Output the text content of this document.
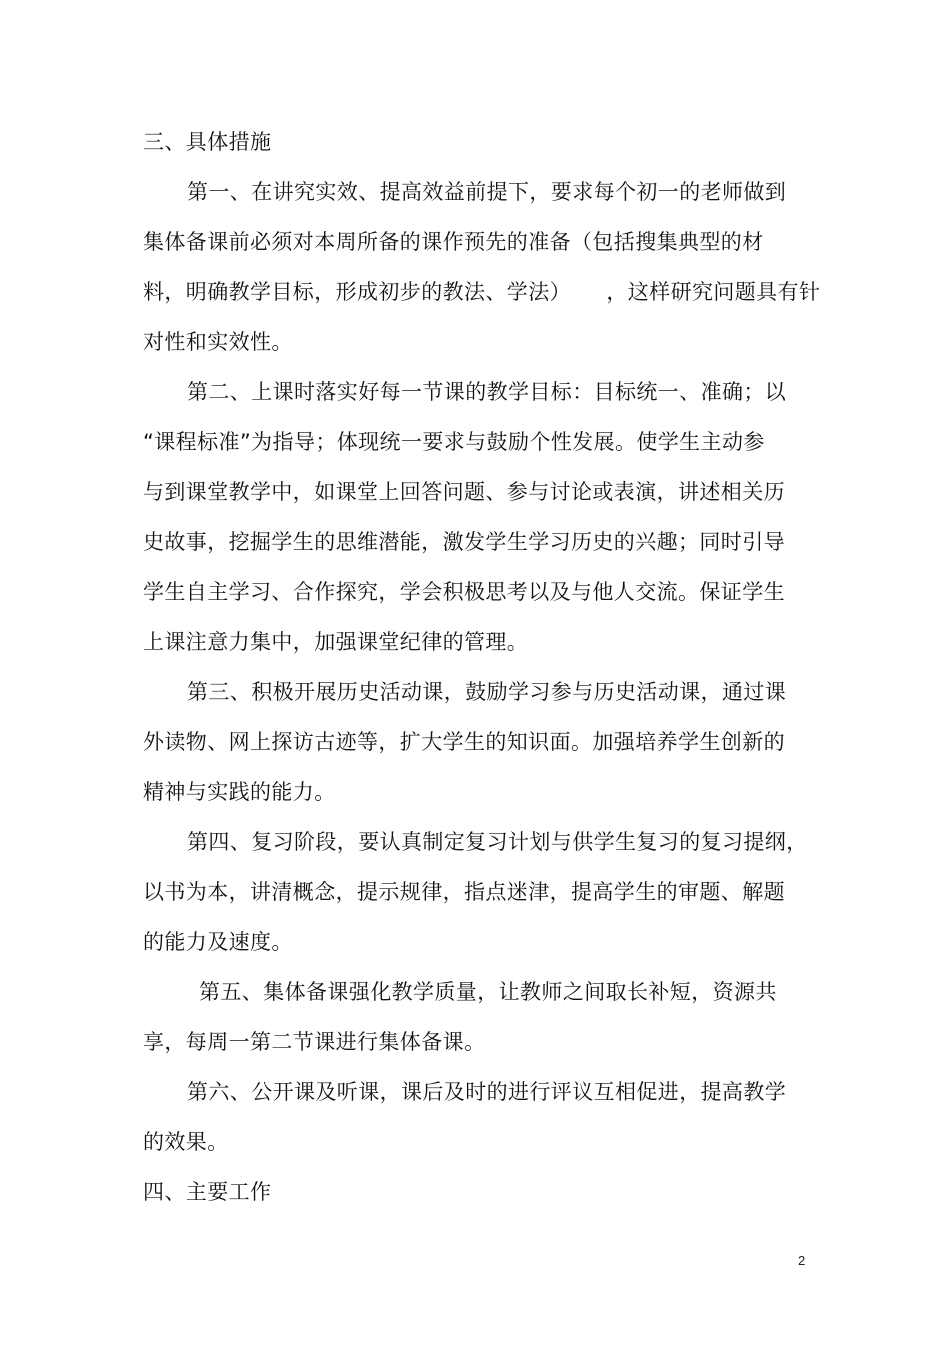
三、具体措施
第一、在讲究实效、提高效益前提下，要求每个初一的老师做到
集体备课前必须对本周所备的课作预先的准备（包括搜集典型的材
料，明确教学目标，形成初步的教法、学法）     ，这样研究问题具有针
对性和实效性。
第二、上课时落实好每一节课的教学目标：目标统一、准确；以
“课程标准”为指导；体现统一要求与鼓励个性发展。使学生主动参
与到课堂教学中，如课堂上回答问题、参与讨论或表演，讲述相关历
史故事，挖掘学生的思维潜能，激发学生学习历史的兴趣；同时引导
学生自主学习、合作探究，学会积极思考以及与他人交流。保证学生
上课注意力集中，加强课堂纪律的管理。
第三、积极开展历史活动课，鼓励学习参与历史活动课，通过课
外读物、网上探访古迹等，扩大学生的知识面。加强培养学生创新的
精神与实践的能力。
第四、复习阶段，要认真制定复习计划与供学生复习的复习提纲，
以书为本，讲清概念，提示规律，指点迷津，提高学生的审题、解题
的能力及速度。
第五、集体备课强化教学质量，让教师之间取长补短，资源共
享，每周一第二节课进行集体备课。
第六、公开课及听课，课后及时的进行评议互相促进，提高教学
的效果。
四、主要工作
2
